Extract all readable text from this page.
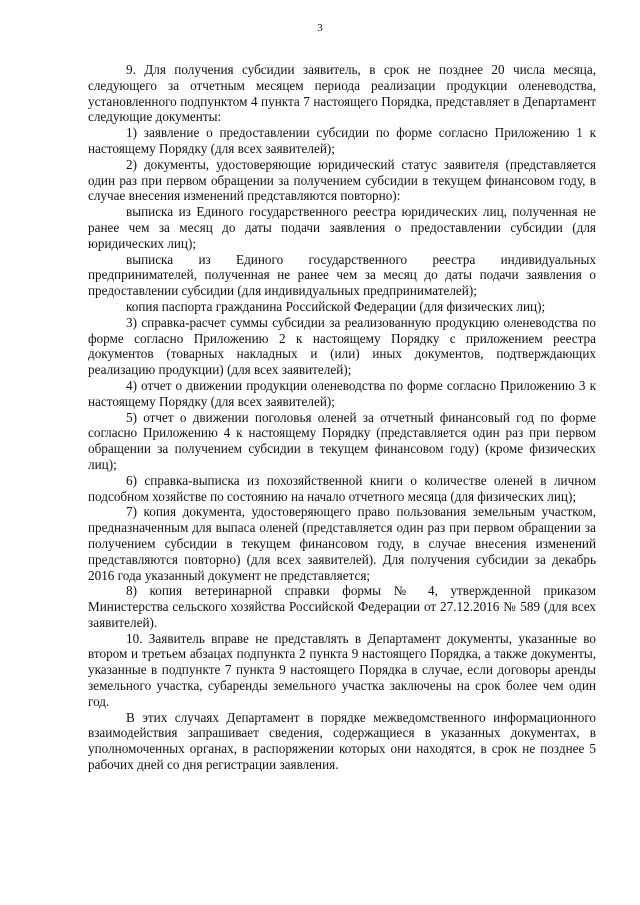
3

9. Для получения субсидии заявитель, в срок не позднее 20 числа месяца, следующего за отчетным месяцем периода реализации продукции оленеводства, установленного подпунктом 4 пункта 7 настоящего Порядка, представляет в Департамент следующие документы:

1) заявление о предоставлении субсидии по форме согласно Приложению 1 к настоящему Порядку (для всех заявителей);

2) документы, удостоверяющие юридический статус заявителя (представляется один раз при первом обращении за получением субсидии в текущем финансовом году, в случае внесения изменений представляются повторно):

выписка из Единого государственного реестра юридических лиц, полученная не ранее чем за месяц до даты подачи заявления о предоставлении субсидии (для юридических лиц);

выписка из Единого государственного реестра индивидуальных предпринимателей, полученная не ранее чем за месяц до даты подачи заявления о предоставлении субсидии (для индивидуальных предпринимателей);

копия паспорта гражданина Российской Федерации (для физических лиц);

3) справка-расчет суммы субсидии за реализованную продукцию оленеводства по форме согласно Приложению 2 к настоящему Порядку с приложением реестра документов (товарных накладных и (или) иных документов, подтверждающих реализацию продукции) (для всех заявителей);

4) отчет о движении продукции оленеводства по форме согласно Приложению 3 к настоящему Порядку (для всех заявителей);

5) отчет о движении поголовья оленей за отчетный финансовый год по форме согласно Приложению 4 к настоящему Порядку (представляется один раз при первом обращении за получением субсидии в текущем финансовом году) (кроме физических лиц);

6) справка-выписка из похозяйственной книги о количестве оленей в личном подсобном хозяйстве по состоянию на начало отчетного месяца (для физических лиц);

7) копия документа, удостоверяющего право пользования земельным участком, предназначенным для выпаса оленей (представляется один раз при первом обращении за получением субсидии в текущем финансовом году, в случае внесения изменений представляются повторно) (для всех заявителей). Для получения субсидии за декабрь 2016 года указанный документ не представляется;

8) копия ветеринарной справки формы № 4, утвержденной приказом Министерства сельского хозяйства Российской Федерации от 27.12.2016 № 589 (для всех заявителей).

10. Заявитель вправе не представлять в Департамент документы, указанные во втором и третьем абзацах подпункта 2 пункта 9 настоящего Порядка, а также документы, указанные в подпункте 7 пункта 9 настоящего Порядка в случае, если договоры аренды земельного участка, субаренды земельного участка заключены на срок более чем один год.

В этих случаях Департамент в порядке межведомственного информационного взаимодействия запрашивает сведения, содержащиеся в указанных документах, в уполномоченных органах, в распоряжении которых они находятся, в срок не позднее 5 рабочих дней со дня регистрации заявления.
